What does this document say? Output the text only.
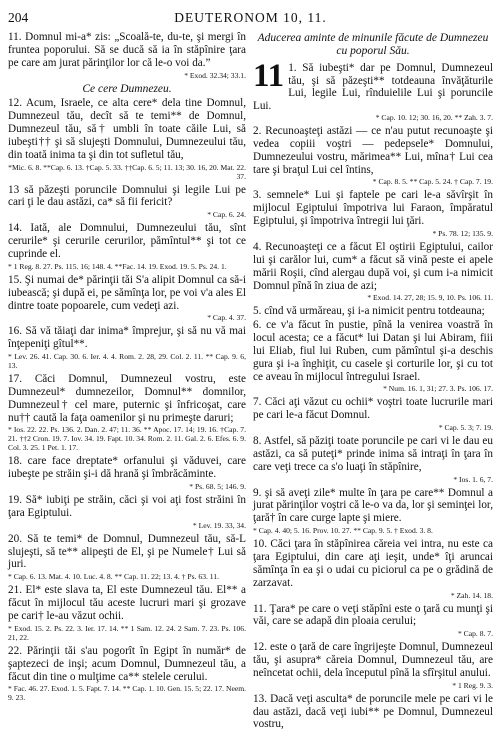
DEUTERONOM 10, 11.
204
11. Domnul mi-a* zis: „Scoală-te, du-te, şi mergi în fruntea poporului. Să se ducă să ia în stăpînire ţara pe care am jurat părinţilor lor că le-o voi da.”
* Exod. 32.34; 33.1.
Ce cere Dumnezeu.
12. Acum, Israele, ce alta cere* dela tine Domnul, Dumnezeul tău, decît să te temi** de Domnul, Dumnezeul tău, să† umbli în toate căile Lui, să iubeşti†† şi să slujeşti Domnului, Dumnezeului tău, din toată inima ta şi din tot sufletul tău,
*Mic. 6. 8. **Cap. 6. 13. †Cap. 5. 33. ††Cap. 6. 5; 11. 13; 30. 16, 20. Mat. 22. 37.
13 să păzeşti poruncile Domnului şi legile Lui pe cari ţi le dau astăzi, ca* să fii fericit?
* Cap. 6. 24.
14. Iată, ale Domnului, Dumnezeului tău, sînt cerurile* şi cerurile cerurilor, pămîntul** şi tot ce cuprinde el.
* 1 Reg. 8. 27. Ps. 115. 16; 148. 4. **Fac. 14. 19. Exod. 19. 5. Ps. 24. 1.
15. Şi numai de* părinţii tăi S'a alipit Domnul ca să-i iubească; şi după ei, pe sămînţa lor, pe voi v'a ales El dintre toate popoarele, cum vedeţi azi.
* Cap. 4. 37.
16. Să vă tăiaţi dar inima* împrejur, şi să nu vă mai înţepeniţi gîtul**.
* Lev. 26. 41. Cap. 30. 6. Ier. 4. 4. Rom. 2. 28, 29. Col. 2. 11. ** Cap. 9. 6, 13.
17. Căci Domnul, Dumnezeul vostru, este Dumnezeul* dumnezeilor, Domnul** domnilor, Dumnezeul† cel mare, puternic şi înfricoşat, care nu†† caută la faţa oamenilor şi nu primeşte daruri;
* Ios. 22. 22. Ps. 136. 2. Dan. 2. 47; 11. 36. ** Apoc. 17. 14; 19. 16. †Cap. 7. 21. ††2 Cron. 19. 7. Iov. 34. 19. Fapt. 10. 34. Rom. 2. 11. Gal. 2. 6. Efes. 6. 9. Col. 3. 25. 1 Pet. 1. 17.
18. care face dreptate* orfanului şi văduvei, care iubeşte pe străin şi-i dă hrană şi îmbrăcăminte.
* Ps. 68. 5; 146. 9.
19. Să* iubiţi pe străin, căci şi voi aţi fost străini în ţara Egiptului.
* Lev. 19. 33, 34.
20. Să te temi* de Domnul, Dumnezeul tău, să-L slujeşti, să te** alipeşti de El, şi pe Numele† Lui să juri.
* Cap. 6. 13. Mat. 4. 10. Luc. 4. 8. ** Cap. 11. 22; 13. 4. † Ps. 63. 11.
21. El* este slava ta, El este Dumnezeul tău. El** a făcut în mijlocul tău aceste lucruri mari şi grozave pe cari† le-au văzut ochii.
* Exod. 15. 2. Ps. 22. 3. Ier. 17. 14. ** 1 Sam. 12. 24. 2 Sam. 7. 23. Ps. 106. 21, 22.
22. Părinţii tăi s'au pogorît în Egipt în număr* de şaptezeci de inşi; acum Domnul, Dumnezeul tău, a făcut din tine o mulţime ca** stelele cerului.
* Fac. 46. 27. Exod. 1. 5. Fapt. 7. 14. ** Cap. 1. 10. Gen. 15. 5; 22. 17. Neem. 9. 23.
Aducerea aminte de minunile făcute de Dumnezeu cu poporul Său.
11 1. Să iubeşti* dar pe Domnul, Dumnezeul tău, şi să păzeşti** totdeauna învăţăturile Lui, legile Lui, rînduielile Lui şi poruncile Lui.
* Cap. 10. 12; 30. 16, 20. ** Zah. 3. 7.
2. Recunoaşteţi astăzi — ce n'au putut recunoaşte şi vedea copiii voştri — pedepsele* Domnului, Dumnezeului vostru, mărimea** Lui, mîna† Lui cea tare şi braţul Lui cel întins,
* Cap. 8. 5. ** Cap. 5. 24. † Cap. 7. 19.
3. semnele* Lui şi faptele pe cari le-a săvîrşit în mijlocul Egiptului împotriva lui Faraon, împăratul Egiptului, şi împotriva întregii lui ţări.
* Ps. 78. 12; 135. 9.
4. Recunoaşteţi ce a făcut El oştirii Egiptului, cailor lui şi carălor lui, cum* a făcut să vină peste ei apele mării Roşii, cînd alergau după voi, şi cum i-a nimicit Domnul pînă în ziua de azi;
* Exod. 14. 27, 28; 15. 9, 10. Ps. 106. 11.
5. cînd vă urmăreau, şi i-a nimicit pentru totdeauna;
6. ce v'a făcut în pustie, pînă la venirea voastră în locul acesta; ce a făcut* lui Datan şi lui Abiram, fiii lui Eliab, fiul lui Ruben, cum pămîntul şi-a deschis gura şi i-a înghiţit, cu casele şi corturile lor, şi cu tot ce aveau în mijlocul întregului Israel.
* Num. 16. 1, 31; 27. 3. Ps. 106. 17.
7. Căci aţi văzut cu ochii* voştri toate lucrurile mari pe cari le-a făcut Domnul.
* Cap. 5. 3; 7. 19.
8. Astfel, să păziţi toate poruncile pe cari vi le dau eu astăzi, ca să puteţi* prinde inima să intraţi în ţara în care veţi trece ca s'o luaţi în stăpînire,
* Ios. 1. 6, 7.
9. şi să aveţi zile* multe în ţara pe care** Domnul a jurat părinţilor voştri că le-o va da, lor şi seminţei lor, ţară† în care curge lapte şi miere.
* Cap. 4. 40; 5. 16. Prov. 10. 27. ** Cap. 9. 5. † Exod. 3. 8.
10. Căci ţara în stăpînirea căreia vei intra, nu este ca ţara Egiptului, din care aţi ieşit, unde* îţi aruncai sămînţa în ea şi o udai cu piciorul ca pe o grădină de zarzavat.
* Zah. 14. 18.
11. Ţara* pe care o veţi stăpîni este o ţară cu munţi şi văi, care se adapă din ploaia cerului;
* Cap. 8. 7.
12. este o ţară de care îngrijeşte Domnul, Dumnezeul tău, şi asupra* căreia Domnul, Dumnezeul tău, are neîncetat ochii, dela începutul pînă la sfîrşitul anului.
* 1 Reg. 9. 3.
13. Dacă veţi asculta* de poruncile mele pe cari vi le dau astăzi, dacă veţi iubi** pe Domnul, Dumnezeul vostru,
